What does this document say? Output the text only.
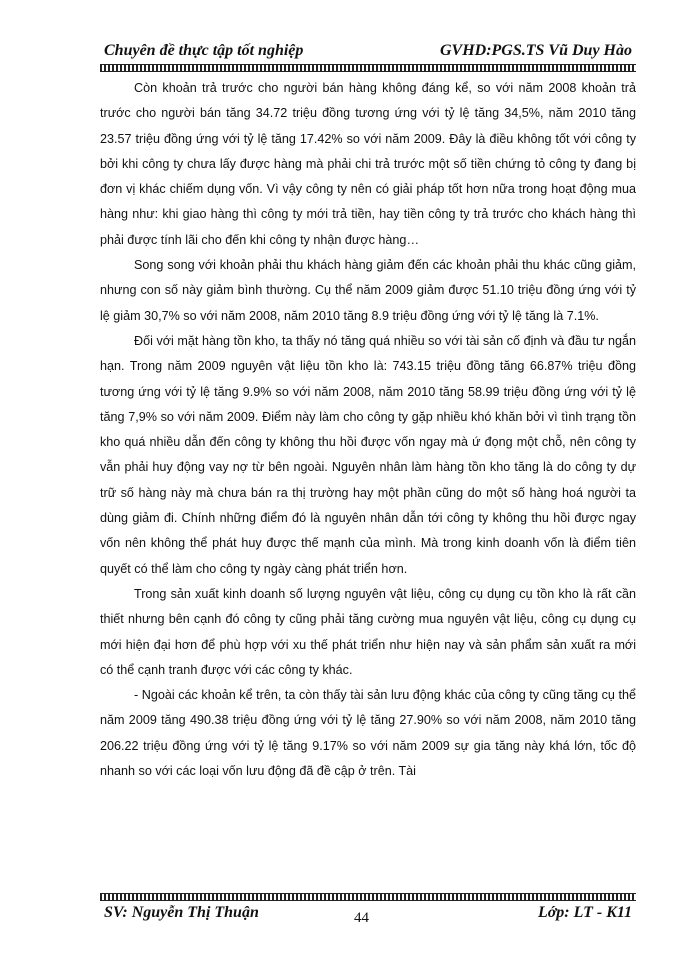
Chuyên đề thực tập tốt nghiệp	GVHD:PGS.TS Vũ Duy Hào

Còn khoản trả trước cho người bán hàng không đáng kể, so với năm 2008 khoản trả trước cho người bán tăng 34.72 triệu đồng tương ứng với tỷ lệ tăng 34,5%, năm 2010 tăng 23.57 triệu đồng ứng với tỷ lệ tăng 17.42% so với năm 2009. Đây là điều không tốt với công ty bởi khi công ty chưa lấy được hàng mà phải chi trả trước một số tiền chứng tỏ công ty đang bị đơn vị khác chiếm dụng vốn. Vì vậy công ty nên có giải pháp tốt hơn nữa trong hoạt động mua hàng như: khi giao hàng thì công ty mới trả tiền, hay tiền công ty trả trước cho khách hàng thì phải được tính lãi cho đến khi công ty nhận được hàng…

Song song với khoản phải thu khách hàng giảm đến các khoản phải thu khác cũng giảm, nhưng con số này giảm bình thường. Cụ thể năm 2009 giảm được 51.10 triệu đồng ứng với tỷ lệ giảm 30,7% so với năm 2008, năm 2010 tăng 8.9 triệu đồng ứng với tỷ lệ tăng là 7.1%.

Đối với mặt hàng tồn kho, ta thấy nó tăng quá nhiều so với tài sản cố định và đầu tư ngắn hạn. Trong năm 2009 nguyên vật liệu tồn kho là: 743.15 triệu đồng tăng 66.87% triệu đồng tương ứng với tỷ lệ tăng 9.9% so với năm 2008, năm 2010 tăng 58.99 triệu đồng ứng với tỷ lệ tăng 7,9% so với năm 2009. Điểm này làm cho công ty gặp nhiều khó khăn bởi vì tình trạng tồn kho quá nhiều dẫn đến công ty không thu hồi được vốn ngay mà ứ đọng một chỗ, nên công ty vẫn phải huy động vay nợ từ bên ngoài. Nguyên nhân làm hàng tồn kho tăng là do công ty dự trữ số hàng này mà chưa bán ra thị trường hay một phần cũng do một số hàng hoá người ta dùng giảm đi. Chính những điểm đó là nguyên nhân dẫn tới công ty không thu hồi được ngay vốn nên không thể phát huy được thế mạnh của mình. Mà trong kinh doanh vốn là điểm tiên quyết có thể làm cho công ty ngày càng phát triển hơn.

Trong sản xuất kinh doanh số lượng nguyên vật liệu, công cụ dụng cụ tồn kho là rất cần thiết nhưng bên cạnh đó công ty cũng phải tăng cường mua nguyên vật liệu, công cụ dụng cụ mới hiện đại hơn để phù hợp với xu thế phát triển như hiện nay và sản phẩm sản xuất ra mới có thể cạnh tranh được với các công ty khác.

- Ngoài các khoản kể trên, ta còn thấy tài sản lưu động khác của công ty cũng tăng cụ thể năm 2009 tăng 490.38 triệu đồng ứng với tỷ lệ tăng 27.90% so với năm 2008, năm 2010 tăng 206.22 triệu đồng ứng với tỷ lệ tăng 9.17% so với năm 2009 sự gia tăng này khá lớn, tốc độ nhanh so với các loại vốn lưu động đã đề cập ở trên. Tài

SV: Nguyễn Thị Thuận	44	Lớp: LT - K11
